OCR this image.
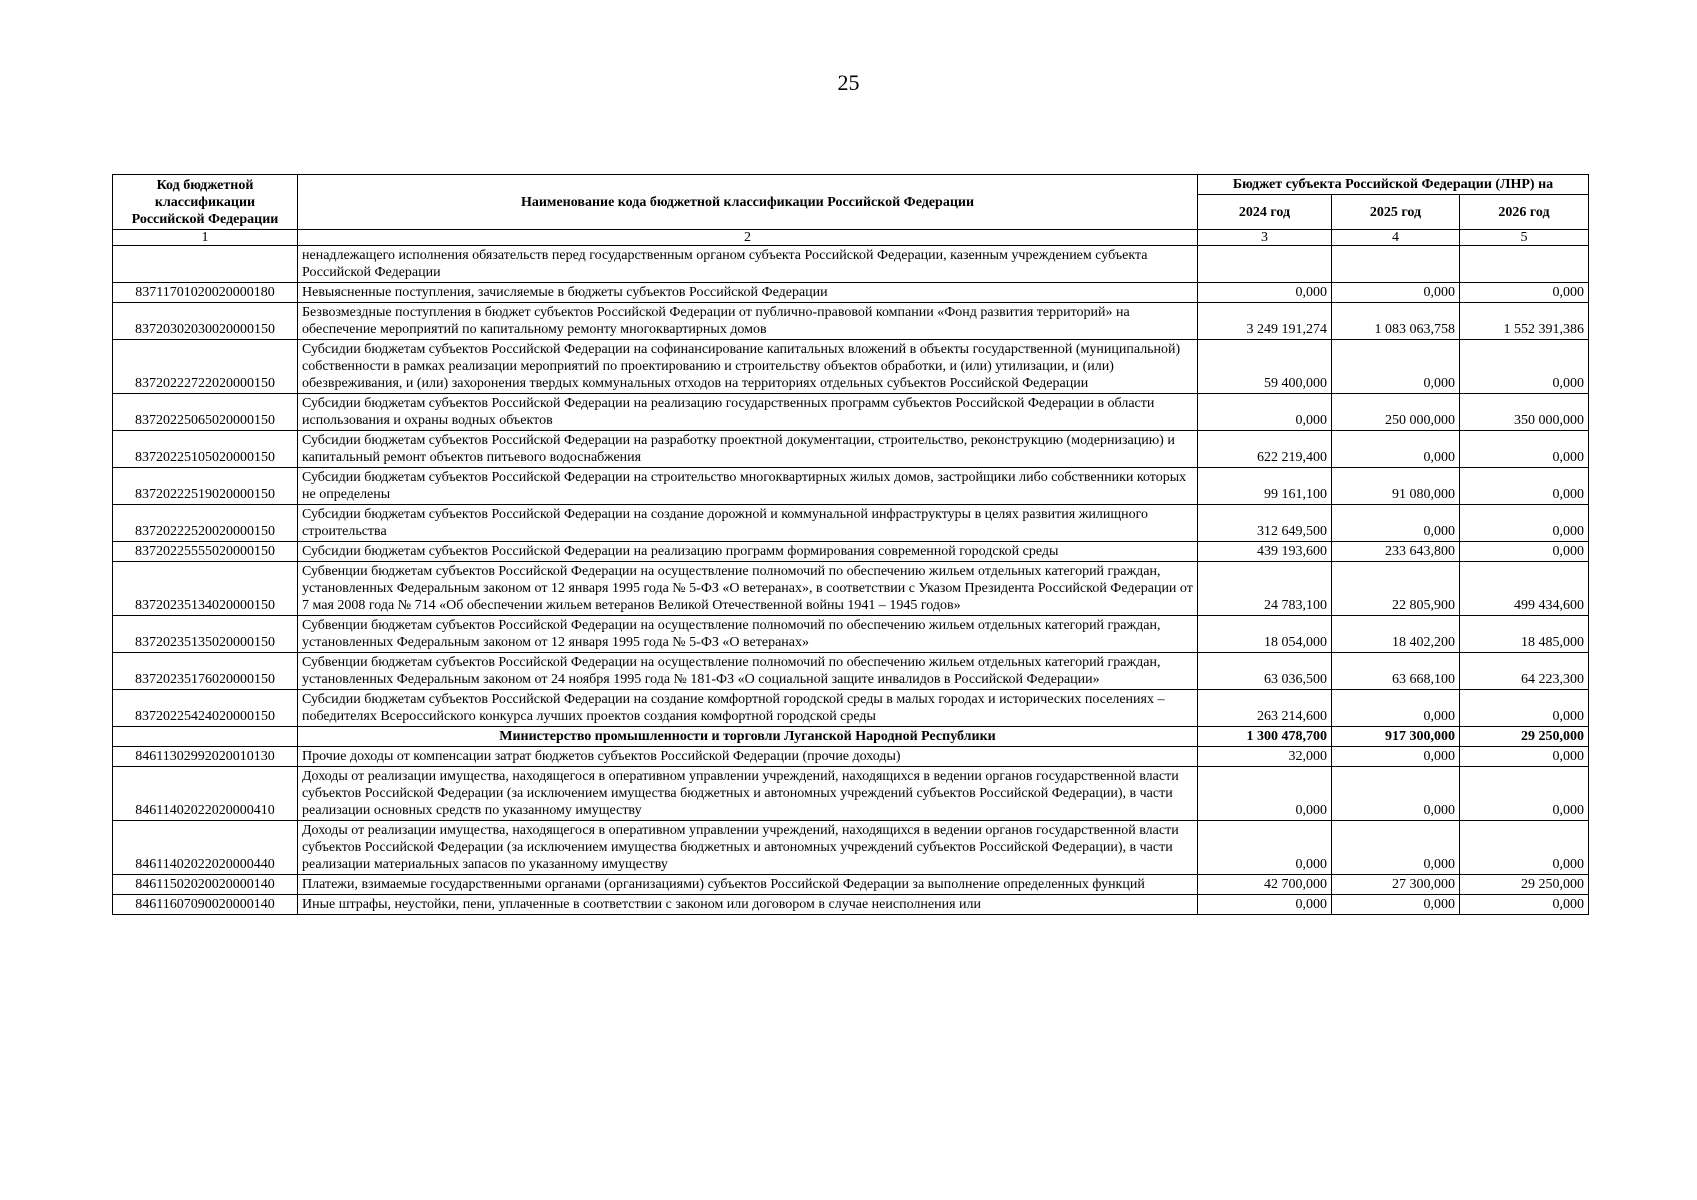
25
Код бюджетной классификации Российской Федерации	Наименование кода бюджетной классификации Российской Федерации	Бюджет субъекта Российской Федерации (ЛНР) на		
		2024 год	2025 год	2026 год
1	2	3	4	5
	ненадлежащего исполнения обязательств перед государственным органом субъекта Российской Федерации, казенным учреждением субъекта Российской Федерации			
83711701020020000180	Невыясненные поступления, зачисляемые в бюджеты субъектов Российской Федерации	0,000	0,000	0,000
83720302030020000150	Безвозмездные поступления в бюджет субъектов Российской Федерации от публично-правовой компании «Фонд развития территорий» на обеспечение мероприятий по капитальному ремонту многоквартирных домов	3 249 191,274	1 083 063,758	1 552 391,386
83720222722020000150	Субсидии бюджетам субъектов Российской Федерации на софинансирование капитальных вложений в объекты государственной (муниципальной) собственности в рамках реализации мероприятий по проектированию и строительству объектов обработки, и (или) утилизации, и (или) обезвреживания, и (или) захоронения твердых коммунальных отходов на территориях отдельных субъектов Российской Федерации	59 400,000	0,000	0,000
83720225065020000150	Субсидии бюджетам субъектов Российской Федерации на реализацию государственных программ субъектов Российской Федерации в области использования и охраны водных объектов	0,000	250 000,000	350 000,000
83720225105020000150	Субсидии бюджетам субъектов Российской Федерации на разработку проектной документации, строительство, реконструкцию (модернизацию) и капитальный ремонт объектов питьевого водоснабжения	622 219,400	0,000	0,000
83720222519020000150	Субсидии бюджетам субъектов Российской Федерации на строительство многоквартирных жилых домов, застройщики либо собственники которых не определены	99 161,100	91 080,000	0,000
83720222520020000150	Субсидии бюджетам субъектов Российской Федерации на создание дорожной и коммунальной инфраструктуры в целях развития жилищного строительства	312 649,500	0,000	0,000
83720225555020000150	Субсидии бюджетам субъектов Российской Федерации на реализацию программ формирования современной городской среды	439 193,600	233 643,800	0,000
83720235134020000150	Субвенции бюджетам субъектов Российской Федерации на осуществление полномочий по обеспечению жильем отдельных категорий граждан, установленных Федеральным законом от 12 января 1995 года № 5-ФЗ «О ветеранах», в соответствии с Указом Президента Российской Федерации от 7 мая 2008 года № 714 «Об обеспечении жильем ветеранов Великой Отечественной войны 1941 – 1945 годов»	24 783,100	22 805,900	499 434,600
83720235135020000150	Субвенции бюджетам субъектов Российской Федерации на осуществление полномочий по обеспечению жильем отдельных категорий граждан, установленных Федеральным законом от 12 января 1995 года № 5-ФЗ «О ветеранах»	18 054,000	18 402,200	18 485,000
83720235176020000150	Субвенции бюджетам субъектов Российской Федерации на осуществление полномочий по обеспечению жильем отдельных категорий граждан, установленных Федеральным законом от 24 ноября 1995 года № 181-ФЗ «О социальной защите инвалидов в Российской Федерации»	63 036,500	63 668,100	64 223,300
83720225424020000150	Субсидии бюджетам субъектов Российской Федерации на создание комфортной городской среды в малых городах и исторических поселениях – победителях Всероссийского конкурса лучших проектов создания комфортной городской среды	263 214,600	0,000	0,000
	Министерство промышленности и торговли Луганской Народной Республики	1 300 478,700	917 300,000	29 250,000
84611302992020010130	Прочие доходы от компенсации затрат бюджетов субъектов Российской Федерации (прочие доходы)	32,000	0,000	0,000
84611402022020000410	Доходы от реализации имущества, находящегося в оперативном управлении учреждений, находящихся в ведении органов государственной власти субъектов Российской Федерации (за исключением имущества бюджетных и автономных учреждений субъектов Российской Федерации), в части реализации основных средств по указанному имуществу	0,000	0,000	0,000
84611402022020000440	Доходы от реализации имущества, находящегося в оперативном управлении учреждений, находящихся в ведении органов государственной власти субъектов Российской Федерации (за исключением имущества бюджетных и автономных учреждений субъектов Российской Федерации), в части реализации материальных запасов по указанному имуществу	0,000	0,000	0,000
84611502020020000140	Платежи, взимаемые государственными органами (организациями) субъектов Российской Федерации за выполнение определенных функций	42 700,000	27 300,000	29 250,000
84611607090020000140	Иные штрафы, неустойки, пени, уплаченные в соответствии с законом или договором в случае неисполнения или	0,000	0,000	0,000
